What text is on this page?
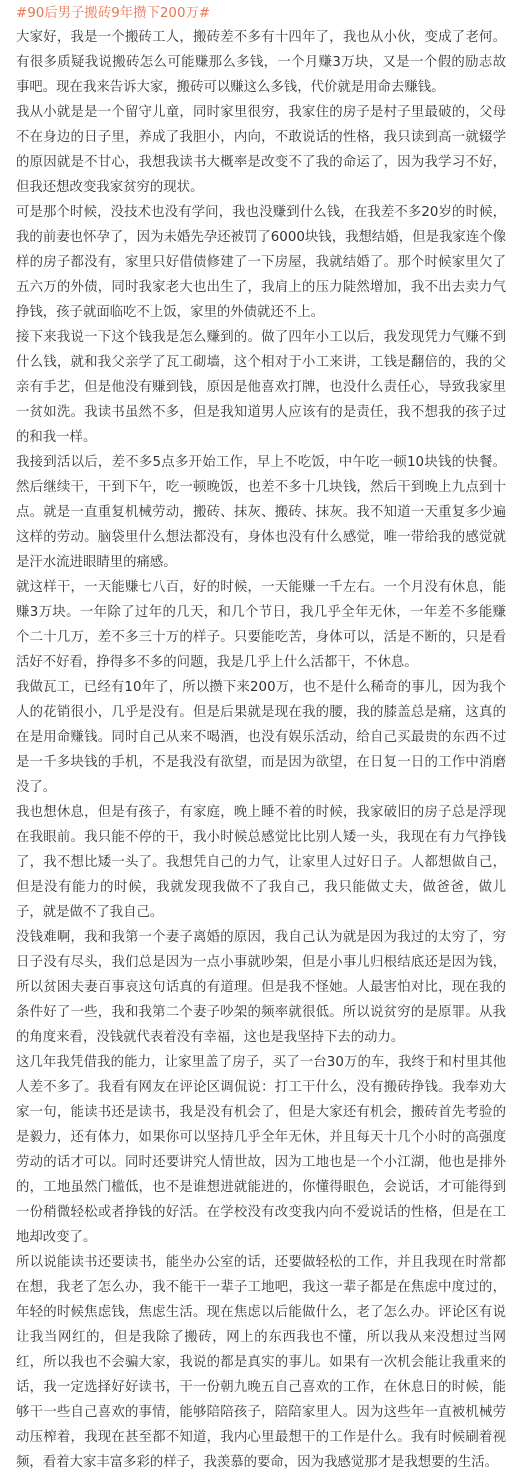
#90后男子搬砖9年攒下200万#

大家好，我是一个搬砖工人，搬砖差不多有十四年了，我也从小伙，变成了老何。有很多质疑我说搬砖怎么可能赚那么多钱，一个月赚3万块，又是一个假的励志故事吧。现在我来告诉大家，搬砖可以赚这么多钱，代价就是用命去赚钱。

我从小就是是一个留守儿童，同时家里很穷，我家住的房子是村子里最破的，父母不在身边的日子里，养成了我胆小，内向，不敢说话的性格，我只读到高一就辍学的原因就是不甘心，我想我读书大概率是改变不了我的命运了，因为我学习不好，但我还想改变我家贫穷的现状。

可是那个时候，没技术也没有学问，我也没赚到什么钱，在我差不多20岁的时候，我的前妻也怀孕了，因为未婚先孕还被罚了6000块钱，我想结婚，但是我家连个像样的房子都没有，家里只好借债修建了一下房屋，我就结婚了。那个时候家里欠了五六万的外债，同时我家老大也出生了，我肩上的压力陡然增加，我不出去卖力气挣钱，孩子就面临吃不上饭，家里的外债就还不上。

接下来我说一下这个钱我是怎么赚到的。做了四年小工以后，我发现凭力气赚不到什么钱，就和我父亲学了瓦工砌墙，这个相对于小工来讲，工钱是翻倍的，我的父亲有手艺，但是他没有赚到钱，原因是他喜欢打牌，也没什么责任心，导致我家里一贫如洗。我读书虽然不多，但是我知道男人应该有的是责任，我不想我的孩子过的和我一样。

我接到活以后，差不多5点多开始工作，早上不吃饭，中午吃一顿10块钱的快餐。然后继续干，干到下午，吃一顿晚饭，也差不多十几块钱，然后干到晚上九点到十点。就是一直重复机械劳动，搬砖、抹灰、搬砖、抹灰。我不知道一天重复多少遍这样的劳动。脑袋里什么想法都没有，身体也没有什么感觉，唯一带给我的感觉就是汗水流进眼睛里的痛感。

就这样干，一天能赚七八百，好的时候，一天能赚一千左右。一个月没有休息，能赚3万块。一年除了过年的几天，和几个节日，我几乎全年无休，一年差不多能赚个二十几万，差不多三十万的样子。只要能吃苦，身体可以，活是不断的，只是看活好不好看，挣得多不多的问题，我是几乎上什么活都干，不休息。

我做瓦工，已经有10年了，所以攒下来200万，也不是什么稀奇的事儿，因为我个人的花销很小，几乎是没有。但是后果就是现在我的腰，我的膝盖总是痛，这真的在是用命赚钱。同时自己从来不喝酒，也没有娱乐活动，给自己买最贵的东西不过是一千多块钱的手机，不是我没有欲望，而是因为欲望，在日复一日的工作中消磨没了。

我也想休息，但是有孩子，有家庭，晚上睡不着的时候，我家破旧的房子总是浮现在我眼前。我只能不停的干，我小时候总感觉比比别人矮一头，我现在有力气挣钱了，我不想比矮一头了。我想凭自己的力气，让家里人过好日子。人都想做自己，但是没有能力的时候，我就发现我做不了我自己，我只能做丈夫，做爸爸，做儿子，就是做不了我自己。

没钱难啊，我和我第一个妻子离婚的原因，我自己认为就是因为我过的太穷了，穷日子没有尽头，我们总是因为一点小事就吵架，但是小事儿归根结底还是因为钱，所以贫困夫妻百事哀这句话真的有道理。但是我不怪她。人最害怕对比，现在我的条件好了一些，我和我第二个妻子吵架的频率就很低。所以说贫穷的是原罪。从我的角度来看，没钱就代表着没有幸福，这也是我坚持下去的动力。

这几年我凭借我的能力，让家里盖了房子，买了一台30万的车，我终于和村里其他人差不多了。我看有网友在评论区调侃说：打工干什么，没有搬砖挣钱。我奉劝大家一句，能读书还是读书，我是没有机会了，但是大家还有机会，搬砖首先考验的是毅力，还有体力，如果你可以坚持几乎全年无休，并且每天十几个小时的高强度劳动的话才可以。同时还要讲究人情世故，因为工地也是一个小江湖，他也是排外的，工地虽然门槛低，也不是谁想进就能进的，你懂得眼色，会说话，才可能得到一份稍微轻松或者挣钱的好活。在学校没有改变我内向不爱说话的性格，但是在工地却改变了。

所以说能读书还要读书，能坐办公室的话，还要做轻松的工作，并且我现在时常都在想，我老了怎么办，我不能干一辈子工地吧，我这一辈子都是在焦虑中度过的，年轻的时候焦虑钱，焦虑生活。现在焦虑以后能做什么，老了怎么办。评论区有说让我当网红的，但是我除了搬砖，网上的东西我也不懂，所以我从来没想过当网红，所以我也不会骗大家，我说的都是真实的事儿。如果有一次机会能让我重来的话，我一定选择好好读书，干一份朝九晚五自己喜欢的工作，在休息日的时候，能够干一些自己喜欢的事情，能够陪陪孩子，陪陪家里人。因为这些年一直被机械劳动压榨着，我现在甚至都不知道，我内心里最想干的工作是什么。我有时候刷着视频，看着大家丰富多彩的样子，我羡慕的要命，因为我感觉那才是我想要的生活。
